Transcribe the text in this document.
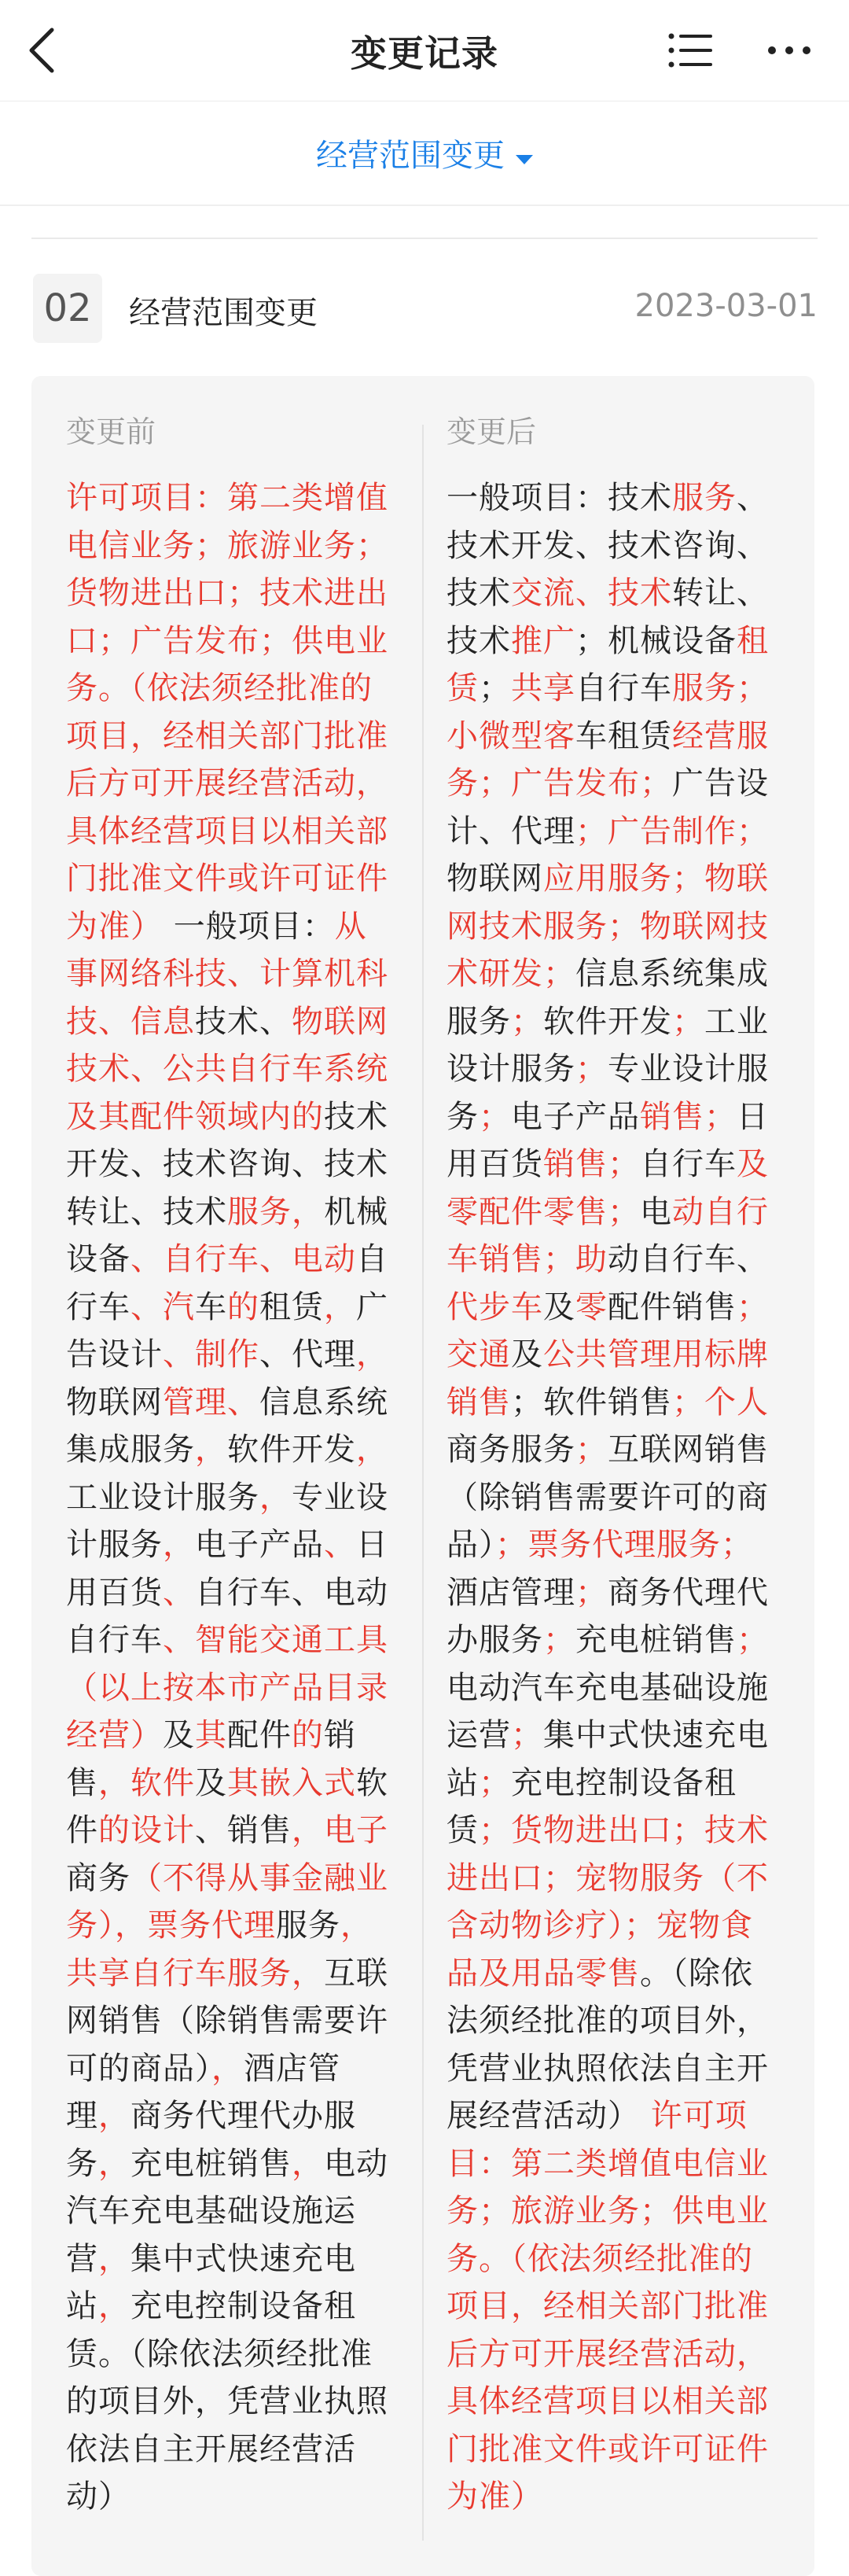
变更记录
经营范围变更
02	经营范围变更	2023-03-01
变更前
许可项目：第二类增值电信业务；旅游业务；货物进出口；技术进出口；广告发布；供电业务。（依法须经批准的项目，经相关部门批准后方可开展经营活动，具体经营项目以相关部门批准文件或许可证件为准） 一般项目：从事网络科技、计算机科技、信息技术、物联网技术、公共自行车系统及其配件领域内的技术开发、技术咨询、技术转让、技术服务，机械设备、自行车、电动自行车、汽车的租赁，广告设计、制作、代理，物联网管理、信息系统集成服务，软件开发，工业设计服务，专业设计服务，电子产品、日用百货、自行车、电动自行车、智能交通工具（以上按本市产品目录经营）及其配件的销售，软件及其嵌入式软件的设计、销售，电子商务（不得从事金融业务），票务代理服务，共享自行车服务，互联网销售（除销售需要许可的商品），酒店管理，商务代理代办服务，充电桩销售，电动汽车充电基础设施运营，集中式快速充电站，充电控制设备租赁。（除依法须经批准的项目外，凭营业执照依法自主开展经营活动）
变更后
一般项目：技术服务、技术开发、技术咨询、技术交流、技术转让、技术推广；机械设备租赁；共享自行车服务；小微型客车租赁经营服务；广告发布；广告设计、代理；广告制作；物联网应用服务；物联网技术服务；物联网技术研发；信息系统集成服务；软件开发；工业设计服务；专业设计服务；电子产品销售；日用百货销售；自行车及零配件零售；电动自行车销售；助动自行车、代步车及零配件销售；交通及公共管理用标牌销售；软件销售；个人商务服务；互联网销售（除销售需要许可的商品）；票务代理服务；酒店管理；商务代理代办服务；充电桩销售；电动汽车充电基础设施运营；集中式快速充电站；充电控制设备租赁；货物进出口；技术进出口；宠物服务（不含动物诊疗）；宠物食品及用品零售。（除依法须经批准的项目外，凭营业执照依法自主开展经营活动） 许可项目：第二类增值电信业务；旅游业务；供电业务。（依法须经批准的项目，经相关部门批准后方可开展经营活动，具体经营项目以相关部门批准文件或许可证件为准）
